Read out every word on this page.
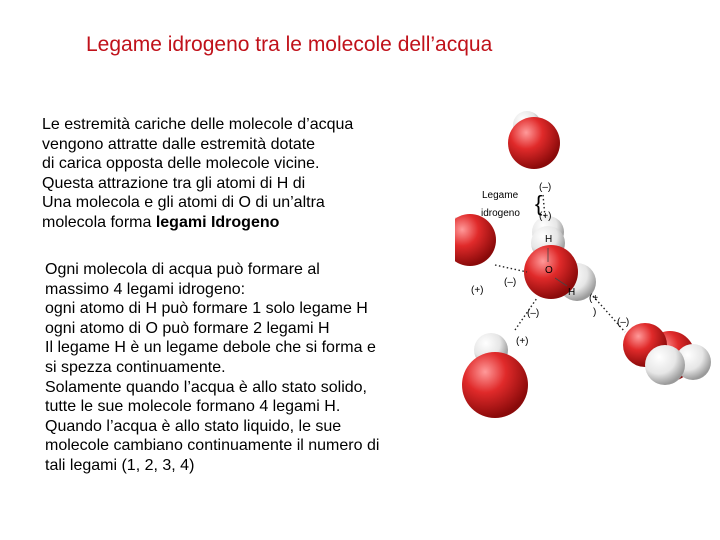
Legame idrogeno tra le molecole dell’acqua
Le estremità cariche delle molecole d’acqua
vengono attratte dalle estremità dotate
di carica opposta delle molecole vicine.
Questa attrazione tra gli atomi di H di
Una molecola e gli atomi di O di un’altra
molecola forma legami Idrogeno
Ogni molecola di acqua può formare al
massimo 4 legami idrogeno:
ogni atomo di H può formare 1 solo legame H
ogni atomo di O può formare 2 legami H
Il legame H è un legame debole che si forma e
si spezza continuamente.
Solamente quando l’acqua è allo stato solido,
tutte le sue molecole formano 4 legami H.
Quando l’acqua è allo stato liquido, le sue
molecole cambiano continuamente il numero di
tali legami (1, 2, 3, 4)
Legame
idrogeno {
(–)
(+)
H
O
H
(+)
(–)
(–)
(+)
(+
)
(–)
